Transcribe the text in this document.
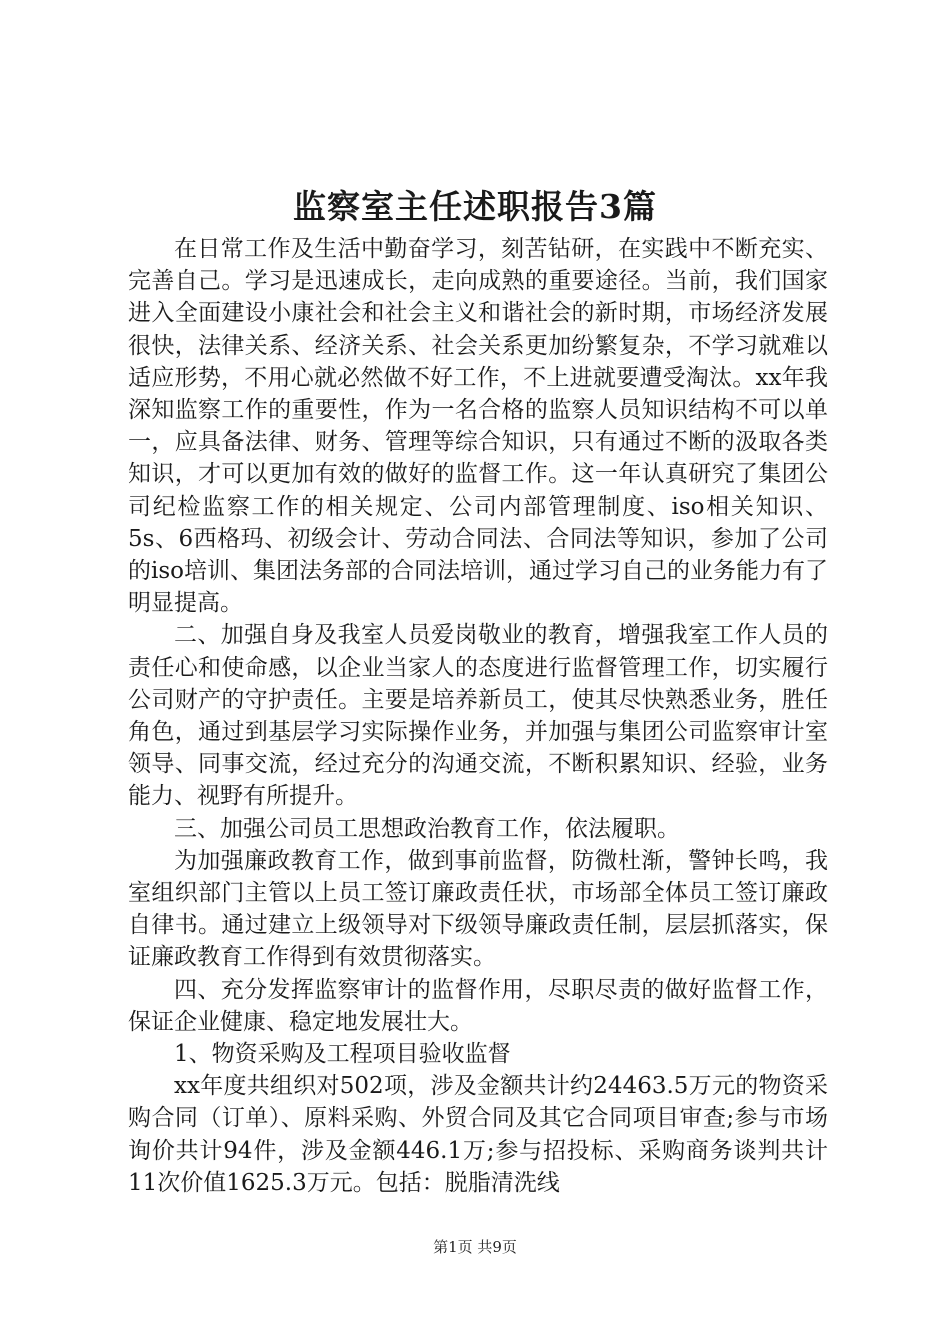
监察室主任述职报告3篇

在日常工作及生活中勤奋学习，刻苦钻研，在实践中不断充实、完善自己。学习是迅速成长，走向成熟的重要途径。当前，我们国家进入全面建设小康社会和社会主义和谐社会的新时期，市场经济发展很快，法律关系、经济关系、社会关系更加纷繁复杂，不学习就难以适应形势，不用心就必然做不好工作，不上进就要遭受淘汰。xx年我深知监察工作的重要性，作为一名合格的监察人员知识结构不可以单一，应具备法律、财务、管理等综合知识，只有通过不断的汲取各类知识，才可以更加有效的做好的监督工作。这一年认真研究了集团公司纪检监察工作的相关规定、公司内部管理制度、iso相关知识、5s、6西格玛、初级会计、劳动合同法、合同法等知识，参加了公司的iso培训、集团法务部的合同法培训，通过学习自己的业务能力有了明显提高。

二、加强自身及我室人员爱岗敬业的教育，增强我室工作人员的责任心和使命感，以企业当家人的态度进行监督管理工作，切实履行公司财产的守护责任。主要是培养新员工，使其尽快熟悉业务，胜任角色，通过到基层学习实际操作业务，并加强与集团公司监察审计室领导、同事交流，经过充分的沟通交流，不断积累知识、经验，业务能力、视野有所提升。

三、加强公司员工思想政治教育工作，依法履职。

为加强廉政教育工作，做到事前监督，防微杜渐，警钟长鸣，我室组织部门主管以上员工签订廉政责任状，市场部全体员工签订廉政自律书。通过建立上级领导对下级领导廉政责任制，层层抓落实，保证廉政教育工作得到有效贯彻落实。

四、充分发挥监察审计的监督作用，尽职尽责的做好监督工作，保证企业健康、稳定地发展壮大。

1、物资采购及工程项目验收监督

xx年度共组织对502项，涉及金额共计约24463.5万元的物资采购合同（订单）、原料采购、外贸合同及其它合同项目审查;参与市场询价共计94件，涉及金额446.1万;参与招投标、采购商务谈判共计11次价值1625.3万元。包括：脱脂清洗线

第1页 共9页
